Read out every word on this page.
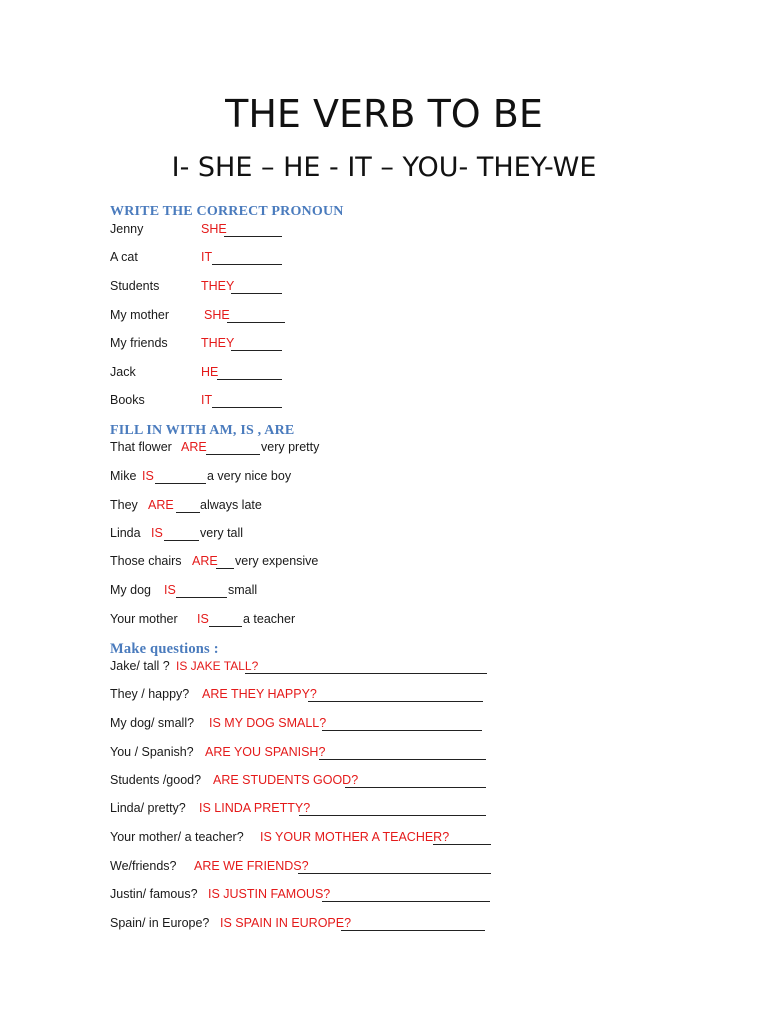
THE VERB TO BE
I- SHE – HE - IT – YOU- THEY-WE
WRITE THE CORRECT PRONOUN
Jenny	SHE
A cat	IT
Students	THEY
My mother	SHE
My friends	THEY
Jack	HE
Books	IT
FILL IN WITH AM, IS , ARE
That flower ARE	very pretty
Mike IS	a very nice boy
They ARE always late
Linda IS	very tall
Those chairs ARE very expensive
My dog IS	small
Your mother IS	a teacher
Make questions :
Jake/ tall ? IS JAKE TALL?
They / happy? ARE THEY HAPPY?
My dog/ small? IS MY DOG SMALL?
You / Spanish? ARE YOU SPANISH?
Students /good? ARE STUDENTS GOOD?
Linda/ pretty? IS LINDA PRETTY?
Your mother/ a teacher? IS YOUR MOTHER A TEACHER?
We/friends? ARE WE FRIENDS?
Justin/ famous? IS JUSTIN FAMOUS?
Spain/ in Europe? IS SPAIN IN EUROPE?
